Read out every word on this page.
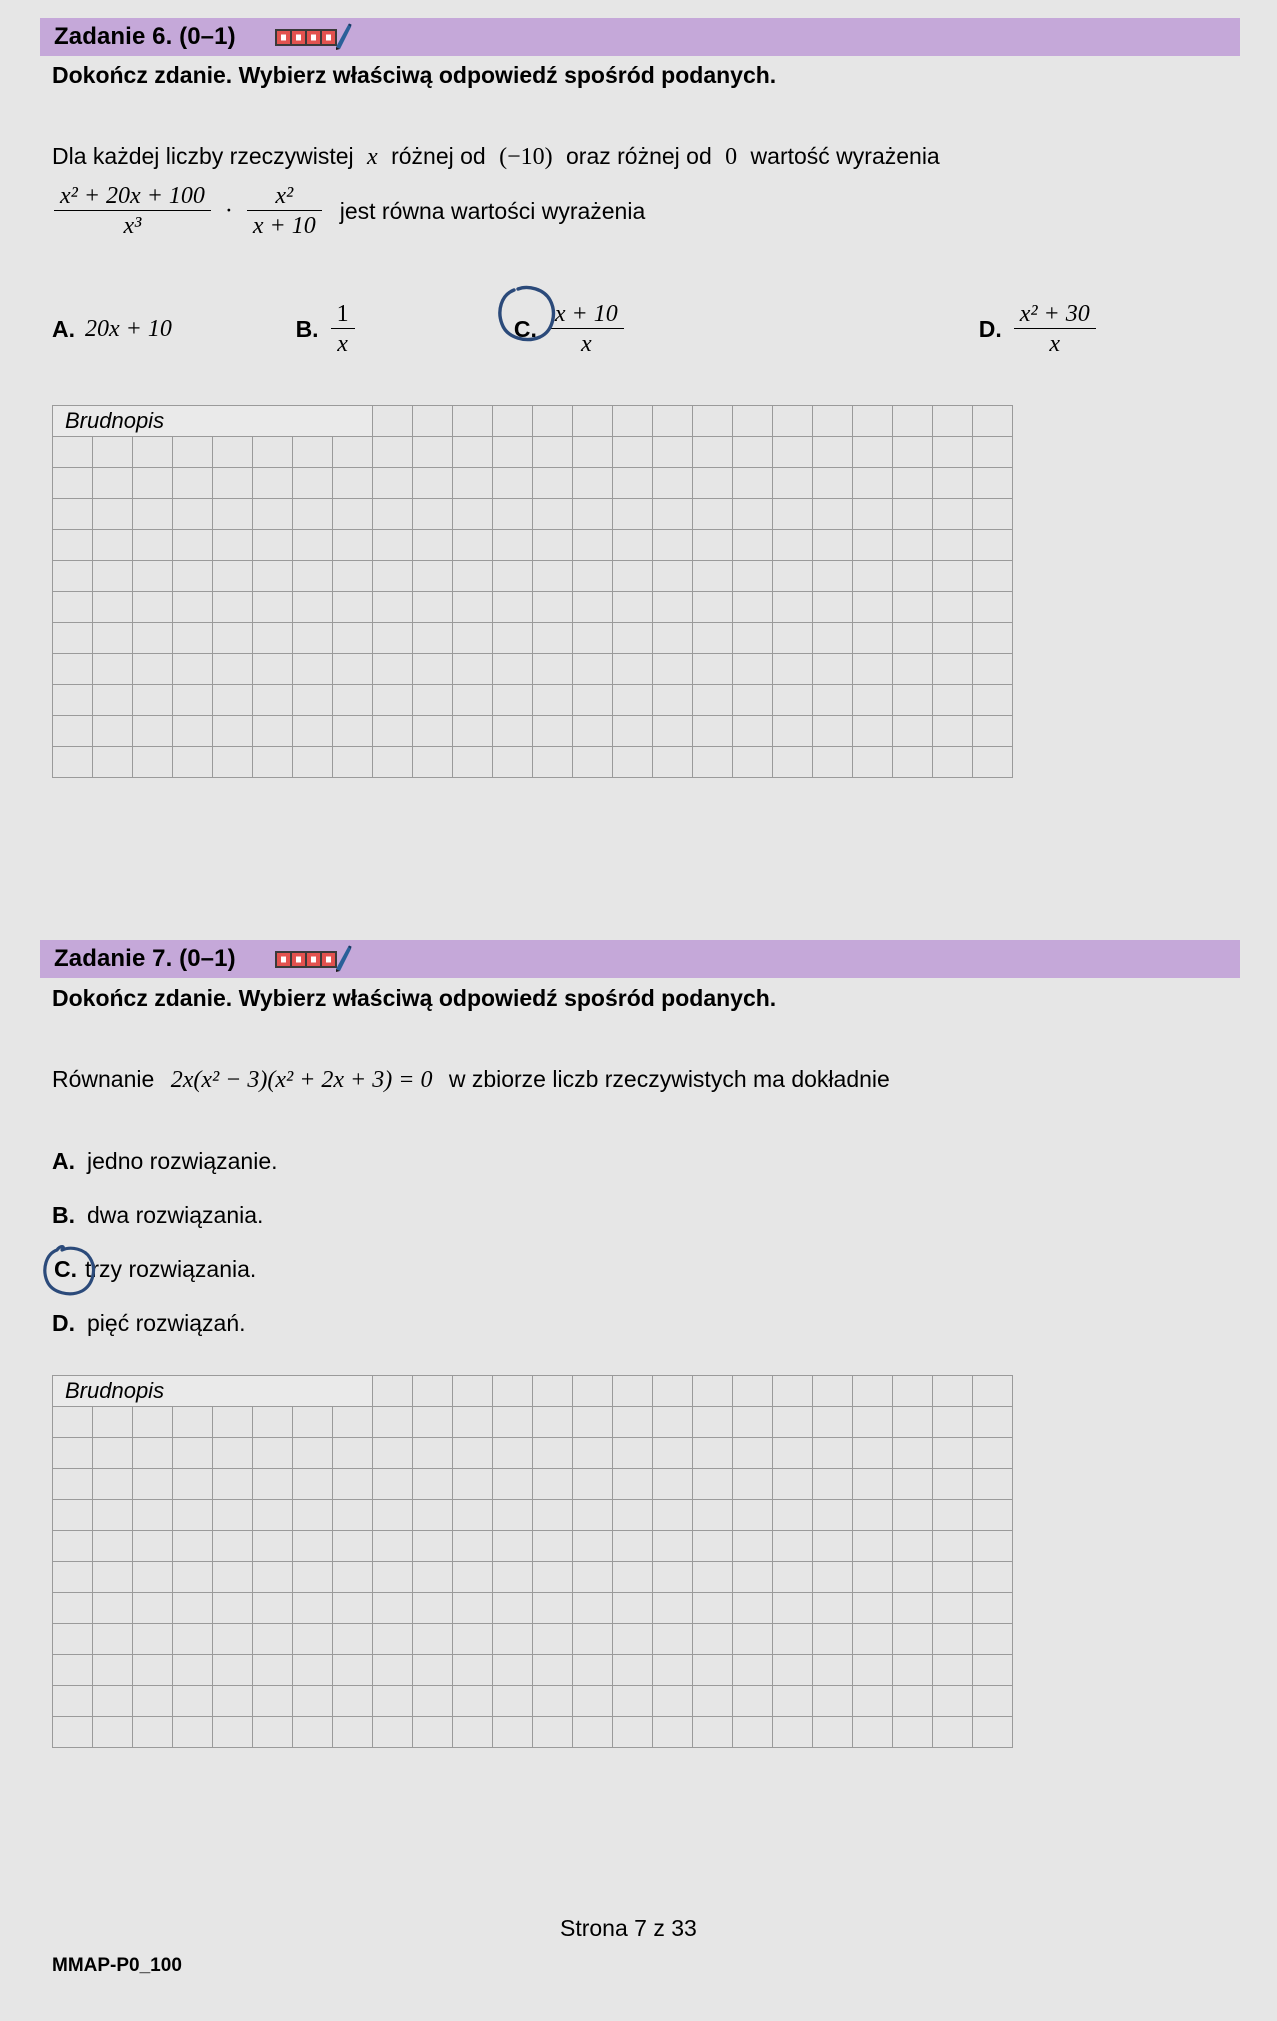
Zadanie 6. (0–1)
Dokończ zdanie. Wybierz właściwą odpowiedź spośród podanych.
Dla każdej liczby rzeczywistej x różnej od (−10) oraz różnej od 0 wartość wyrażenia
$\frac{\text{x² + 20x + 100}}{\text{x³}} \cdot \frac{\text{x²}}{x + 10}$ jest równa wartości wyrażenia
A. 20x + 10	B. $\frac{1}{x}$	C. $\frac{x + 10}{x}$	D. $\frac{\text{x² + 30}}{x}$
Brudnopis																							

Zadanie 7. (0–1)
Dokończ zdanie. Wybierz właściwą odpowiedź spośród podanych.
Równanie 2x(x² − 3)(x² + 2x + 3) = 0 w zbiorze liczb rzeczywistych ma dokładnie
A. jedno rozwiązanie.
B. dwa rozwiązania.
C. trzy rozwiązania.
D. pięć rozwiązań.
Brudnopis																							

Strona 7 z 33
MMAP-P0_100
